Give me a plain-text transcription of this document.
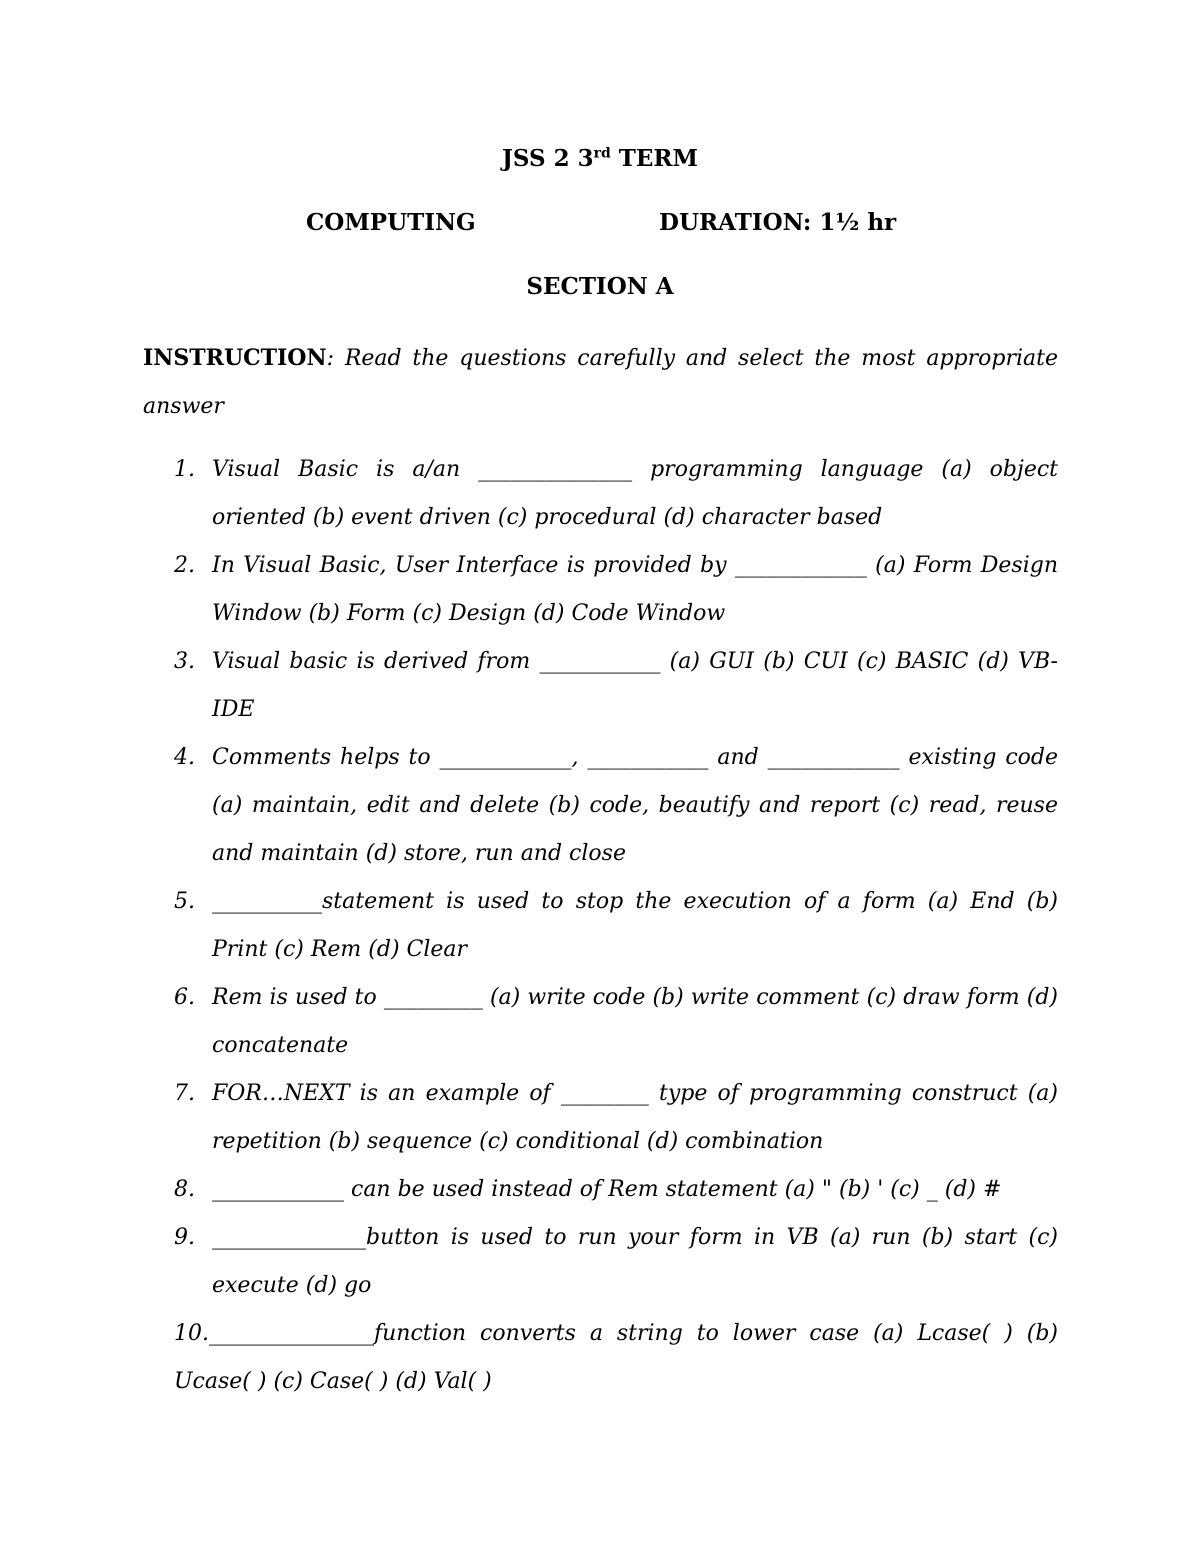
JSS 2 3rd TERM
COMPUTING	DURATION: 1½ hr
SECTION A
INSTRUCTION: Read the questions carefully and select the most appropriate answer
1. Visual Basic is a/an ______________ programming language (a) object oriented (b) event driven (c) procedural (d) character based
2. In Visual Basic, User Interface is provided by ____________ (a) Form Design Window (b) Form (c) Design (d) Code Window
3. Visual basic is derived from ___________ (a) GUI (b) CUI (c) BASIC (d) VB-IDE
4. Comments helps to ____________, ___________ and ____________ existing code (a) maintain, edit and delete (b) code, beautify and report (c) read, reuse and maintain (d) store, run and close
5. __________statement is used to stop the execution of a form (a) End (b) Print (c) Rem (d) Clear
6. Rem is used to _________ (a) write code (b) write comment (c) draw form (d) concatenate
7. FOR…NEXT is an example of ________ type of programming construct (a) repetition (b) sequence (c) conditional (d) combination
8. ____________ can be used instead of Rem statement (a) " (b) ' (c) _ (d) #
9. ______________button is used to run your form in VB (a) run (b) start (c) execute (d) go
10._______________function converts a string to lower case (a) Lcase( ) (b) Ucase( ) (c) Case( ) (d) Val( )
